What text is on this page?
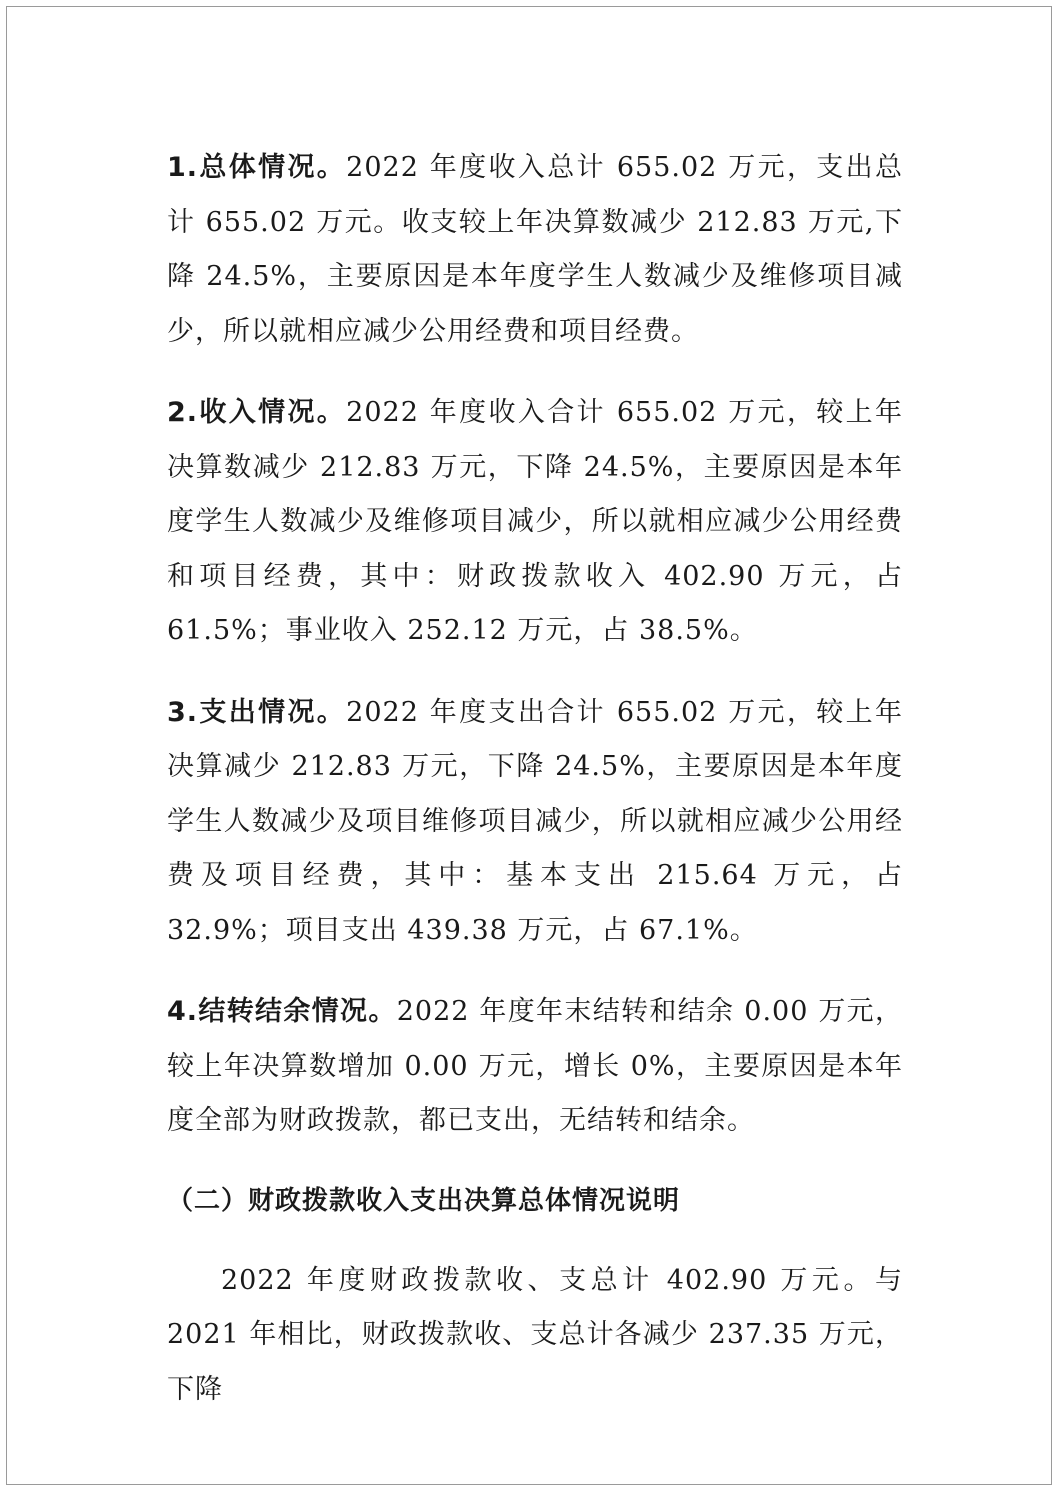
1.总体情况。2022 年度收入总计 655.02 万元，支出总计 655.02 万元。收支较上年决算数减少 212.83 万元,下降 24.5%，主要原因是本年度学生人数减少及维修项目减少，所以就相应减少公用经费和项目经费。

2.收入情况。2022 年度收入合计 655.02 万元，较上年决算数减少 212.83 万元，下降 24.5%，主要原因是本年度学生人数减少及维修项目减少，所以就相应减少公用经费和项目经费，其中：财政拨款收入 402.90 万元，占 61.5%；事业收入 252.12 万元，占 38.5%。

3.支出情况。2022 年度支出合计 655.02 万元，较上年决算减少 212.83 万元，下降 24.5%，主要原因是本年度学生人数减少及项目维修项目减少，所以就相应减少公用经费及项目经费，其中：基本支出 215.64 万元，占 32.9%；项目支出 439.38 万元，占 67.1%。

4.结转结余情况。2022 年度年末结转和结余 0.00 万元，较上年决算数增加 0.00 万元，增长 0%，主要原因是本年度全部为财政拨款，都已支出，无结转和结余。

（二）财政拨款收入支出决算总体情况说明

2022 年度财政拨款收、支总计 402.90 万元。与 2021 年相比，财政拨款收、支总计各减少 237.35 万元，下降
